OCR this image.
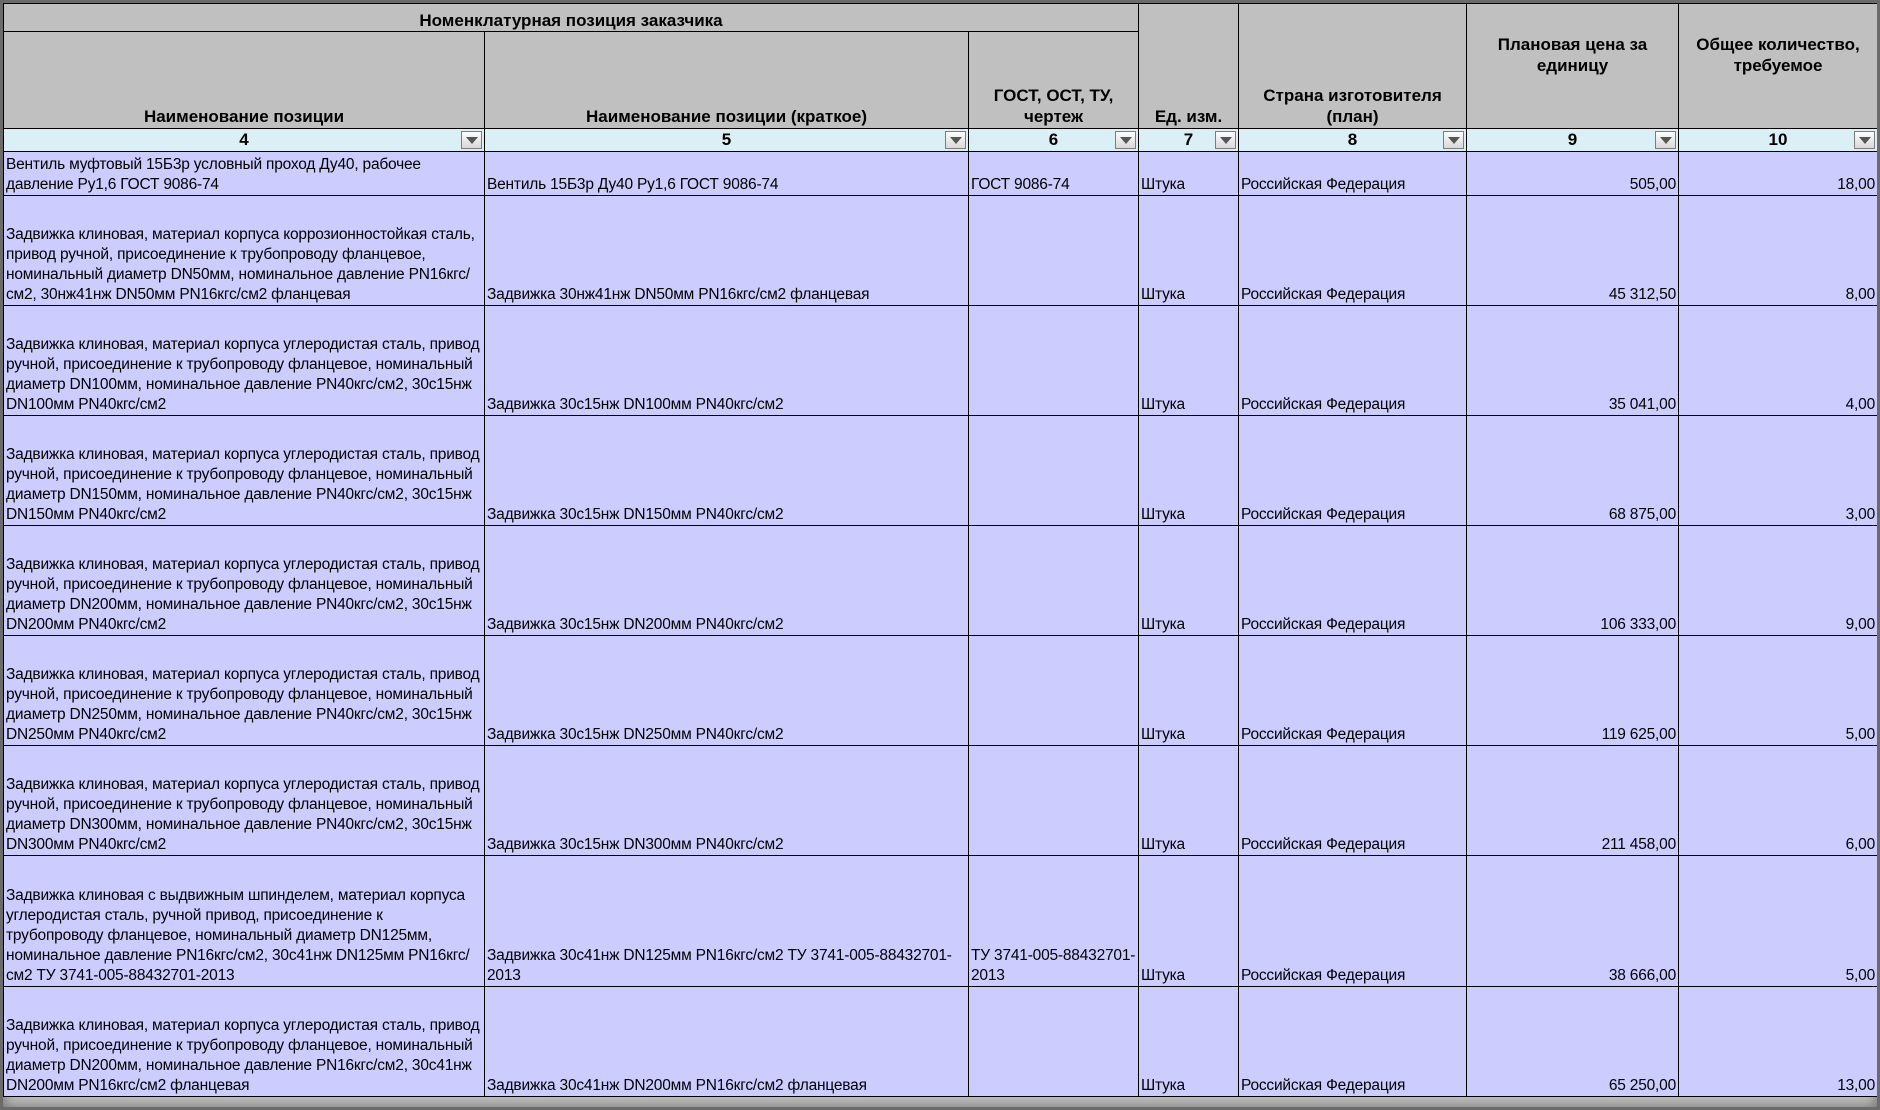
Номенклатурная позиция заказчика			Ед. изм.	Страна изготовителя (план)	Плановая цена за единицу	Общее количество, требуемое
Наименование позиции	Наименование позиции (краткое)	ГОСТ, ОСТ, ТУ, чертеж				
4	5	6	7	8	9	10

Вентиль муфтовый 15Б3р условный проход Ду40, рабочее давление Ру1,6 ГОСТ 9086-74	Вентиль 15Б3р Ду40 Ру1,6 ГОСТ 9086-74	ГОСТ 9086-74	Штука	Российская Федерация	505,00	18,00
Задвижка клиновая, материал корпуса коррозионностойкая сталь, привод ручной, присоединение к трубопроводу фланцевое, номинальный диаметр DN50мм, номинальное давление PN16кгс/см2, 30нж41нж DN50мм PN16кгс/см2 фланцевая	Задвижка 30нж41нж DN50мм PN16кгс/см2 фланцевая		Штука	Российская Федерация	45 312,50	8,00
Задвижка клиновая, материал корпуса углеродистая сталь, привод ручной, присоединение к трубопроводу фланцевое, номинальный диаметр DN100мм, номинальное давление PN40кгс/см2, 30с15нж DN100мм PN40кгс/см2	Задвижка 30с15нж DN100мм PN40кгс/см2		Штука	Российская Федерация	35 041,00	4,00
Задвижка клиновая, материал корпуса углеродистая сталь, привод ручной, присоединение к трубопроводу фланцевое, номинальный диаметр DN150мм, номинальное давление PN40кгс/см2, 30с15нж DN150мм PN40кгс/см2	Задвижка 30с15нж DN150мм PN40кгс/см2		Штука	Российская Федерация	68 875,00	3,00
Задвижка клиновая, материал корпуса углеродистая сталь, привод ручной, присоединение к трубопроводу фланцевое, номинальный диаметр DN200мм, номинальное давление PN40кгс/см2, 30с15нж DN200мм PN40кгс/см2	Задвижка 30с15нж DN200мм PN40кгс/см2		Штука	Российская Федерация	106 333,00	9,00
Задвижка клиновая, материал корпуса углеродистая сталь, привод ручной, присоединение к трубопроводу фланцевое, номинальный диаметр DN250мм, номинальное давление PN40кгс/см2, 30с15нж DN250мм PN40кгс/см2	Задвижка 30с15нж DN250мм PN40кгс/см2		Штука	Российская Федерация	119 625,00	5,00
Задвижка клиновая, материал корпуса углеродистая сталь, привод ручной, присоединение к трубопроводу фланцевое, номинальный диаметр DN300мм, номинальное давление PN40кгс/см2, 30с15нж DN300мм PN40кгс/см2	Задвижка 30с15нж DN300мм PN40кгс/см2		Штука	Российская Федерация	211 458,00	6,00
Задвижка клиновая с выдвижным шпинделем, материал корпуса углеродистая сталь, ручной привод, присоединение к трубопроводу фланцевое, номинальный диаметр DN125мм, номинальное давление PN16кгс/см2, 30с41нж DN125мм PN16кгс/см2 ТУ 3741-005-88432701-2013	Задвижка 30с41нж DN125мм PN16кгс/см2 ТУ 3741-005-88432701-2013	ТУ 3741-005-88432701-2013	Штука	Российская Федерация	38 666,00	5,00
Задвижка клиновая, материал корпуса углеродистая сталь, привод ручной, присоединение к трубопроводу фланцевое, номинальный диаметр DN200мм, номинальное давление PN16кгс/см2, 30с41нж DN200мм PN16кгс/см2 фланцевая	Задвижка 30с41нж DN200мм PN16кгс/см2 фланцевая		Штука	Российская Федерация	65 250,00	13,00
